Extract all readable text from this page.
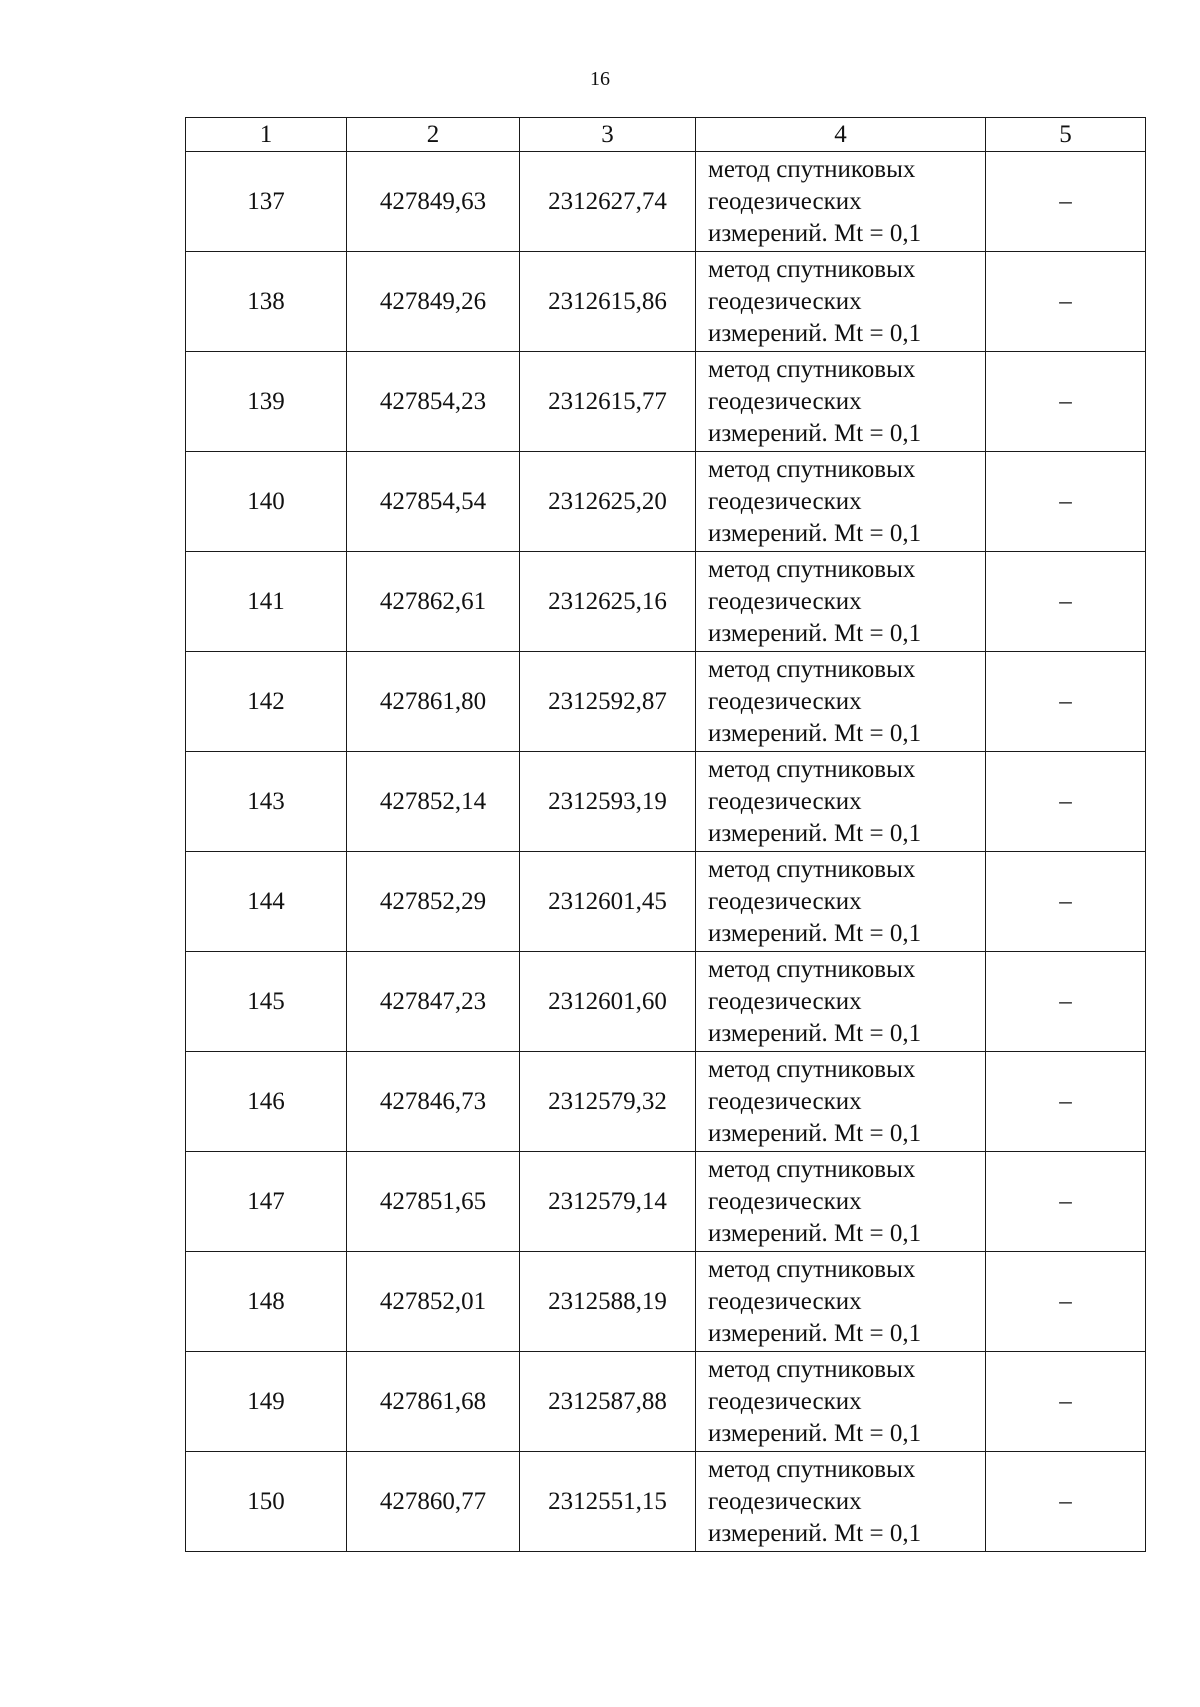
16
1	2	3	4	5
137	427849,63	2312627,74	метод спутниковых
геодезических
измерений. Mt = 0,1	–
138	427849,26	2312615,86	метод спутниковых
геодезических
измерений. Mt = 0,1	–
139	427854,23	2312615,77	метод спутниковых
геодезических
измерений. Mt = 0,1	–
140	427854,54	2312625,20	метод спутниковых
геодезических
измерений. Mt = 0,1	–
141	427862,61	2312625,16	метод спутниковых
геодезических
измерений. Mt = 0,1	–
142	427861,80	2312592,87	метод спутниковых
геодезических
измерений. Mt = 0,1	–
143	427852,14	2312593,19	метод спутниковых
геодезических
измерений. Mt = 0,1	–
144	427852,29	2312601,45	метод спутниковых
геодезических
измерений. Mt = 0,1	–
145	427847,23	2312601,60	метод спутниковых
геодезических
измерений. Mt = 0,1	–
146	427846,73	2312579,32	метод спутниковых
геодезических
измерений. Mt = 0,1	–
147	427851,65	2312579,14	метод спутниковых
геодезических
измерений. Mt = 0,1	–
148	427852,01	2312588,19	метод спутниковых
геодезических
измерений. Mt = 0,1	–
149	427861,68	2312587,88	метод спутниковых
геодезических
измерений. Mt = 0,1	–
150	427860,77	2312551,15	метод спутниковых
геодезических
измерений. Mt = 0,1	–
